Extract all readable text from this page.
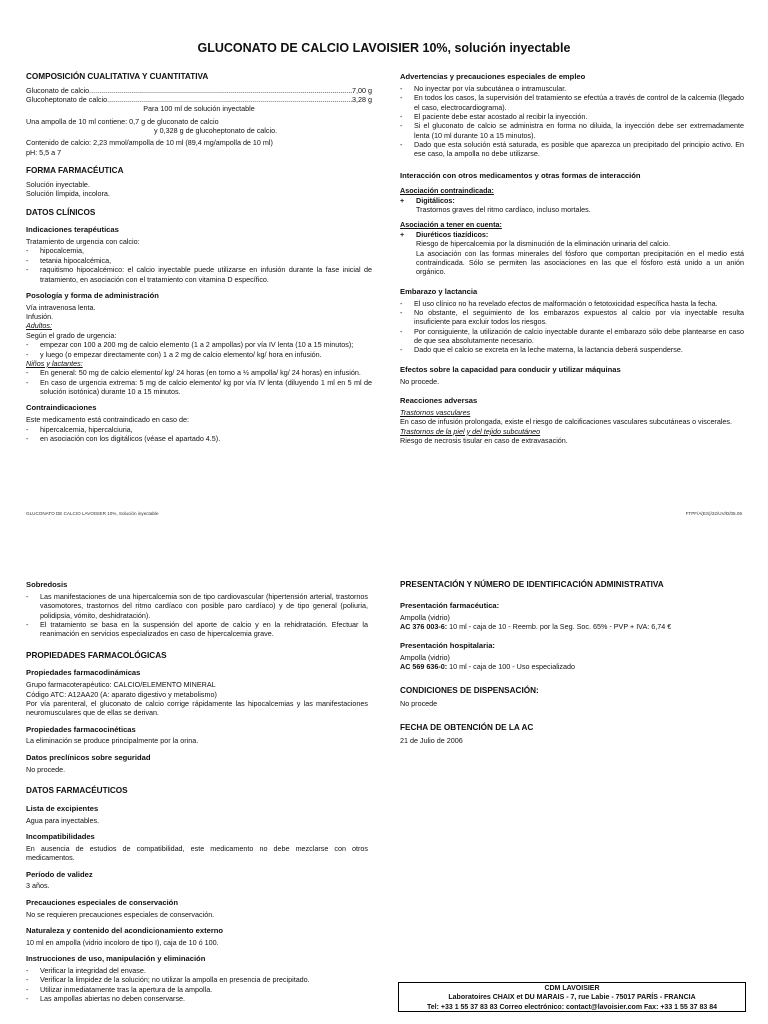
GLUCONATO DE CALCIO LAVOISIER 10%, solución inyectable
COMPOSICIÓN CUALITATIVA Y CUANTITATIVA
Gluconato de calcio .....	7,00 g
Glucoheptonato de calcio .....	3,28 g
Para 100 ml de solución inyectable
Una ampolla de 10 ml contiene: 0,7 g de gluconato de calcio
y 0,328 g de glucoheptonato de calcio.
Contenido de calcio: 2,23 mmol/ampolla de 10 ml (89,4 mg/ampolla de 10 ml)
pH: 5,5 a 7
FORMA FARMACÉUTICA
Solución inyectable.
Solución límpida, incolora.
DATOS CLÍNICOS
Indicaciones terapéuticas
Tratamiento de urgencia con calcio:
- hipocalcemia,
- tetania hipocalcémica,
- raquitismo hipocalcémico: el calcio inyectable puede utilizarse en infusión durante la fase inicial de tratamiento, en asociación con el tratamiento con vitamina D específico.
Posología y forma de administración
Vía intravenosa lenta.
Infusión.
Adultos:
Según el grado de urgencia:
- empezar con 100 a 200 mg de calcio elemento (1 a 2 ampollas) por vía IV lenta (10 a 15 minutos);
- y luego (o empezar directamente con) 1 a 2 mg de calcio elemento/ kg/ hora en infusión.
Niños y lactantes:
- En general: 50 mg de calcio elemento/ kg/ 24 horas (en torno a ½ ampolla/ kg/ 24 horas) en infusión.
- En caso de urgencia extrema: 5 mg de calcio elemento/ kg por vía IV lenta (diluyendo 1 ml en 5 ml de solución isotónica) durante 10 a 15 minutos.
Contraindicaciones
Este medicamento está contraindicado en caso de:
- hipercalcemia, hipercalciuria,
- en asociación con los digitálicos (véase el apartado 4.5).
Advertencias y precauciones especiales de empleo
- No inyectar por vía subcutánea o intramuscular.
- En todos los casos, la supervisión del tratamiento se efectúa a través de control de la calcemia (llegado el caso, electrocardiograma).
- El paciente debe estar acostado al recibir la inyección.
- Si el gluconato de calcio se administra en forma no diluida, la inyección debe ser extremadamente lenta (10 ml durante 10 a 15 minutos).
- Dado que esta solución está saturada, es posible que aparezca un precipitado del principio activo. En ese caso, la ampolla no debe utilizarse.
Interacción con otros medicamentos y otras formas de interacción
Asociación contraindicada:
+ Digitálicos:
Trastornos graves del ritmo cardíaco, incluso mortales.
Asociación a tener en cuenta:
+ Diuréticos tiazídicos:
Riesgo de hipercalcemia por la disminución de la eliminación urinaria del calcio.
La asociación con las formas minerales del fósforo que comportan precipitación en el medio está contraindicada. Sólo se permiten las asociaciones en las que el fósforo está unido a un anión orgánico.
Embarazo y lactancia
- El uso clínico no ha revelado efectos de malformación o fetotoxicidad específica hasta la fecha.
- No obstante, el seguimiento de los embarazos expuestos al calcio por vía inyectable resulta insuficiente para excluir todos los riesgos.
- Por consiguiente, la utilización de calcio inyectable durante el embarazo sólo debe plantearse en caso de que sea absolutamente necesario.
- Dado que el calcio se excreta en la leche materna, la lactancia deberá suspenderse.
Efectos sobre la capacidad para conducir y utilizar máquinas
No procede.
Reacciones adversas
Trastornos vasculares
En caso de infusión prolongada, existe el riesgo de calcificaciones vasculares subcutáneas o viscerales.
Trastornos de la piel y del tejido subcutáneo
Riesgo de necrosis tisular en caso de extravasación.
GLUCONATO DE CALCIO LAVOISIER 10%, Solución inyectable	FTPF/A(ES)/22/UV/D/05.06
Sobredosis
- Las manifestaciones de una hipercalcemia son de tipo cardiovascular (hipertensión arterial, trastornos vasomotores, trastornos del ritmo cardíaco con posible paro cardíaco) y de tipo general (poliuria, polidipsia, vómito, deshidratación).
- El tratamiento se basa en la suspensión del aporte de calcio y en la rehidratación. Efectuar la reanimación en servicios especializados en caso de hipercalcemia grave.
PROPIEDADES FARMACOLÓGICAS
Propiedades farmacodinámicas
Grupo farmacoterapéutico: CALCIO/ELEMENTO MINERAL
Código ATC: A12AA20 (A: aparato digestivo y metabolismo)
Por vía parenteral, el gluconato de calcio corrige rápidamente las hipocalcemias y las manifestaciones neuromusculares que de ellas se derivan.
Propiedades farmacocinéticas
La eliminación se produce principalmente por la orina.
Datos preclínicos sobre seguridad
No procede.
DATOS FARMACÉUTICOS
Lista de excipientes
Agua para inyectables.
Incompatibilidades
En ausencia de estudios de compatibilidad, este medicamento no debe mezclarse con otros medicamentos.
Período de validez
3 años.
Precauciones especiales de conservación
No se requieren precauciones especiales de conservación.
Naturaleza y contenido del acondicionamiento externo
10 ml en ampolla (vidrio incoloro de tipo I), caja de 10 ó 100.
Instrucciones de uso, manipulación y eliminación
- Verificar la integridad del envase.
- Verificar la limpidez de la solución; no utilizar la ampolla en presencia de precipitado.
- Utilizar inmediatamente tras la apertura de la ampolla.
- Las ampollas abiertas no deben conservarse.
PRESENTACIÓN Y NÚMERO DE IDENTIFICACIÓN ADMINISTRATIVA
Presentación farmacéutica:
Ampolla (vidrio)
AC 376 003-6: 10 ml - caja de 10 - Reemb. por la Seg. Soc. 65% - PVP + IVA: 6,74 €
Presentación hospitalaria:
Ampolla (vidrio)
AC 569 636-0: 10 ml - caja de 100 - Uso especializado
CONDICIONES DE DISPENSACIÓN:
No procede
FECHA DE OBTENCIÓN DE LA AC
21 de Julio de 2006
CDM LAVOISIER
Laboratoires CHAIX et DU MARAIS - 7, rue Labie - 75017 PARÍS - FRANCIA
Tel: +33 1 55 37 83 83 Correo electrónico: contact@lavoisier.com Fax: +33 1 55 37 83 84
